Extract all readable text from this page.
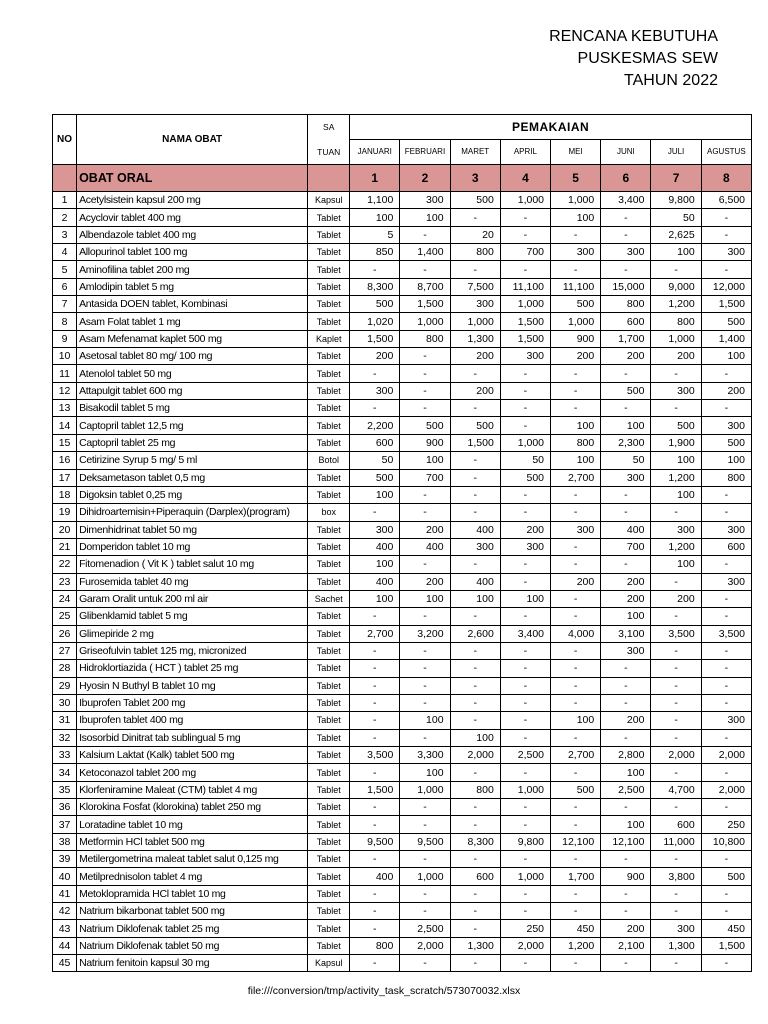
RENCANA KEBUTUHA
PUSKESMAS SEW
TAHUN 2022
NO	NAMA OBAT	SA	PEMAKAIAN							
		TUAN	JANUARI	FEBRUARI	MARET	APRIL	MEI	JUNI	JULI	AGUSTUS
	OBAT ORAL		1	2	3	4	5	6	7	8
1	Acetylsistein kapsul 200 mg	Kapsul	1,100	300	500	1,000	1,000	3,400	9,800	6,500
2	Acyclovir tablet 400 mg	Tablet	100	100	-	-	100	-	50	-
3	Albendazole tablet 400 mg	Tablet	5	-	20	-	-	-	2,625	-
4	Allopurinol tablet 100 mg	Tablet	850	1,400	800	700	300	300	100	300
5	Aminofilina tablet 200 mg	Tablet	-	-	-	-	-	-	-	-
6	Amlodipin tablet 5 mg	Tablet	8,300	8,700	7,500	11,100	11,100	15,000	9,000	12,000
7	Antasida DOEN tablet, Kombinasi	Tablet	500	1,500	300	1,000	500	800	1,200	1,500
8	Asam Folat tablet 1 mg	Tablet	1,020	1,000	1,000	1,500	1,000	600	800	500
9	Asam Mefenamat kaplet 500 mg	Kaplet	1,500	800	1,300	1,500	900	1,700	1,000	1,400
10	Asetosal tablet 80 mg/ 100 mg	Tablet	200	-	200	300	200	200	200	100
11	Atenolol tablet 50 mg	Tablet	-	-	-	-	-	-	-	-
12	Attapulgit tablet 600 mg	Tablet	300	-	200	-	-	500	300	200
13	Bisakodil tablet 5 mg	Tablet	-	-	-	-	-	-	-	-
14	Captopril tablet 12,5 mg	Tablet	2,200	500	500	-	100	100	500	300
15	Captopril tablet 25 mg	Tablet	600	900	1,500	1,000	800	2,300	1,900	500
16	Cetirizine Syrup 5 mg/ 5 ml	Botol	50	100	-	50	100	50	100	100
17	Deksametason tablet 0,5 mg	Tablet	500	700	-	500	2,700	300	1,200	800
18	Digoksin tablet 0,25 mg	Tablet	100	-	-	-	-	-	100	-
19	Dihidroartemisin+Piperaquin (Darplex)(program)	box	-	-	-	-	-	-	-	-
20	Dimenhidrinat tablet 50 mg	Tablet	300	200	400	200	300	400	300	300
21	Domperidon tablet 10 mg	Tablet	400	400	300	300	-	700	1,200	600
22	Fitomenadion ( Vit K ) tablet salut 10 mg	Tablet	100	-	-	-	-	-	100	-
23	Furosemida tablet 40 mg	Tablet	400	200	400	-	200	200	-	300
24	Garam Oralit untuk 200 ml air	Sachet	100	100	100	100	-	200	200	-
25	Glibenklamid tablet 5 mg	Tablet	-	-	-	-	-	100	-	-
26	Glimepiride 2 mg	Tablet	2,700	3,200	2,600	3,400	4,000	3,100	3,500	3,500
27	Griseofulvin tablet 125 mg, micronized	Tablet	-	-	-	-	-	300	-	-
28	Hidroklortiazida ( HCT ) tablet 25 mg	Tablet	-	-	-	-	-	-	-	-
29	Hyosin N Buthyl B tablet 10 mg	Tablet	-	-	-	-	-	-	-	-
30	Ibuprofen Tablet 200 mg	Tablet	-	-	-	-	-	-	-	-
31	Ibuprofen tablet 400 mg	Tablet	-	100	-	-	100	200	-	300
32	Isosorbid Dinitrat tab sublingual 5 mg	Tablet	-	-	100	-	-	-	-	-
33	Kalsium Laktat (Kalk) tablet 500 mg	Tablet	3,500	3,300	2,000	2,500	2,700	2,800	2,000	2,000
34	Ketoconazol tablet 200 mg	Tablet	-	100	-	-	-	100	-	-
35	Klorfeniramine Maleat (CTM) tablet 4 mg	Tablet	1,500	1,000	800	1,000	500	2,500	4,700	2,000
36	Klorokina Fosfat (klorokina) tablet 250 mg	Tablet	-	-	-	-	-	-	-	-
37	Loratadine tablet 10 mg	Tablet	-	-	-	-	-	100	600	250
38	Metformin HCl tablet 500 mg	Tablet	9,500	9,500	8,300	9,800	12,100	12,100	11,000	10,800
39	Metilergometrina maleat tablet salut 0,125 mg	Tablet	-	-	-	-	-	-	-	-
40	Metilprednisolon tablet 4 mg	Tablet	400	1,000	600	1,000	1,700	900	3,800	500
41	Metoklopramida HCl tablet 10 mg	Tablet	-	-	-	-	-	-	-	-
42	Natrium bikarbonat tablet 500 mg	Tablet	-	-	-	-	-	-	-	-
43	Natrium Diklofenak tablet 25 mg	Tablet	-	2,500	-	250	450	200	300	450
44	Natrium Diklofenak tablet 50 mg	Tablet	800	2,000	1,300	2,000	1,200	2,100	1,300	1,500
45	Natrium fenitoin kapsul 30 mg	Kapsul	-	-	-	-	-	-	-	-
file:///conversion/tmp/activity_task_scratch/573070032.xlsx
